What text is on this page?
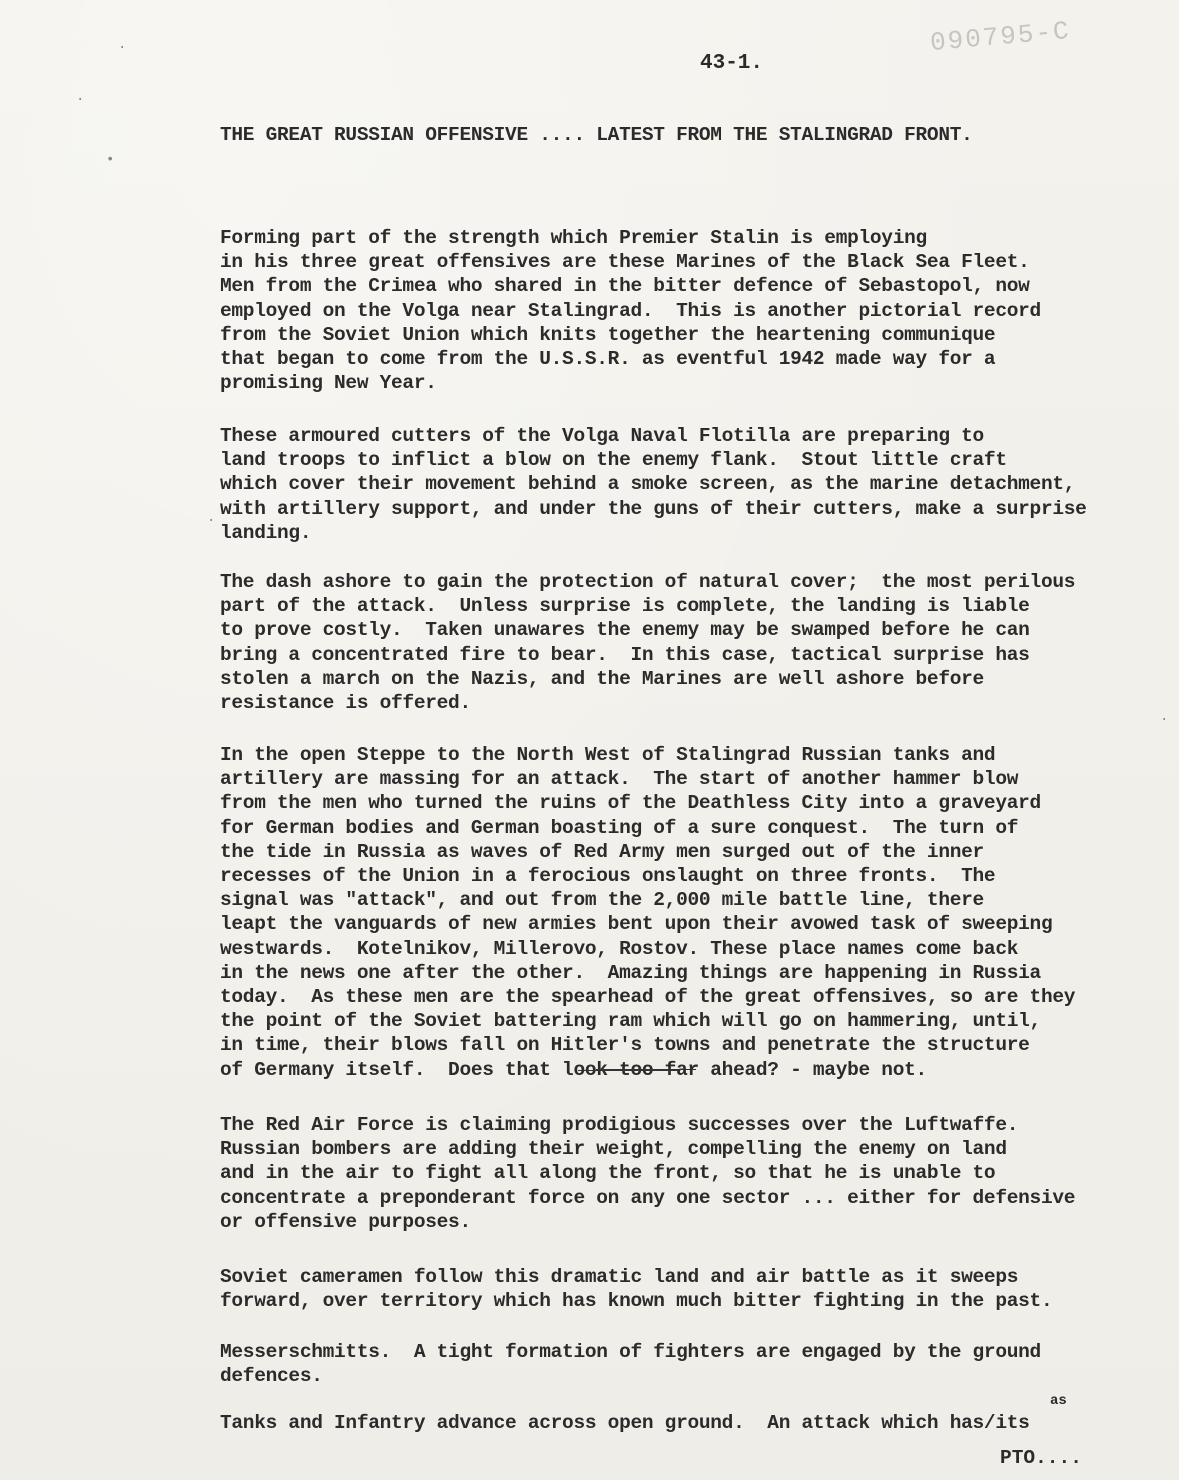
090795-C
43-1.
THE GREAT RUSSIAN OFFENSIVE .... LATEST FROM THE STALINGRAD FRONT.

Forming part of the strength which Premier Stalin is employing
in his three great offensives are these Marines of the Black Sea Fleet.
Men from the Crimea who shared in the bitter defence of Sebastopol, now
employed on the Volga near Stalingrad.  This is another pictorial record
from the Soviet Union which knits together the heartening communique
that began to come from the U.S.S.R. as eventful 1942 made way for a
promising New Year.

These armoured cutters of the Volga Naval Flotilla are preparing to
land troops to inflict a blow on the enemy flank.  Stout little craft
which cover their movement behind a smoke screen, as the marine detachment,
with artillery support, and under the guns of their cutters, make a surprise
landing.

The dash ashore to gain the protection of natural cover;  the most perilous
part of the attack.  Unless surprise is complete, the landing is liable
to prove costly.  Taken unawares the enemy may be swamped before he can
bring a concentrated fire to bear.  In this case, tactical surprise has
stolen a march on the Nazis, and the Marines are well ashore before
resistance is offered.

In the open Steppe to the North West of Stalingrad Russian tanks and
artillery are massing for an attack.  The start of another hammer blow
from the men who turned the ruins of the Deathless City into a graveyard
for German bodies and German boasting of a sure conquest.  The turn of
the tide in Russia as waves of Red Army men surged out of the inner
recesses of the Union in a ferocious onslaught on three fronts.  The
signal was "attack", and out from the 2,000 mile battle line, there
leapt the vanguards of new armies bent upon their avowed task of sweeping
westwards.  Kotelnikov, Millerovo, Rostov. These place names come back
in the news one after the other.  Amazing things are happening in Russia
today.  As these men are the spearhead of the great offensives, so are they
the point of the Soviet battering ram which will go on hammering, until,
in time, their blows fall on Hitler's towns and penetrate the structure
of Germany itself.  Does that look too far ahead? - maybe not.

The Red Air Force is claiming prodigious successes over the Luftwaffe.
Russian bombers are adding their weight, compelling the enemy on land
and in the air to fight all along the front, so that he is unable to
concentrate a preponderant force on any one sector ... either for defensive
or offensive purposes.

Soviet cameramen follow this dramatic land and air battle as it sweeps
forward, over territory which has known much bitter fighting in the past.

Messerschmitts.  A tight formation of fighters are engaged by the ground
defences.

Tanks and Infantry advance across open ground.  An attack which has/its

as
PTO....
•
·
·
·
·
